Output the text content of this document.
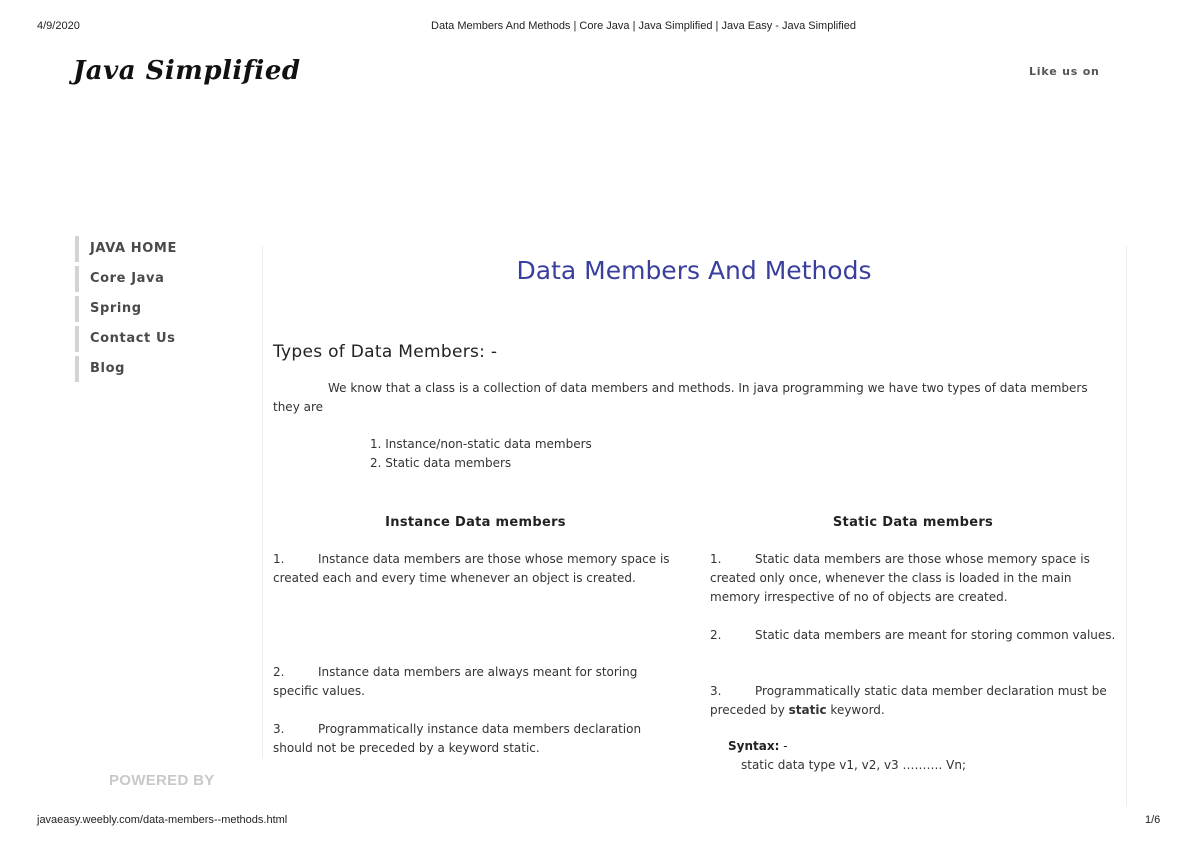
4/9/2020	Data Members And Methods | Core Java | Java Simplified | Java Easy - Java Simplified
Java Simplified	Like us on
JAVA HOME
Core Java
Spring
Contact Us
Blog
Data Members And Methods
Types of Data Members: -

We know that a class is a collection of data members and methods. In java programming we have two types of data members they are

1. Instance/non-static data members
2. Static data members
Instance Data members	Static Data members

1.	Instance data members are those whose memory space is created each and every time whenever an object is created.

2.	Instance data members are always meant for storing specific values.

3.	Programmatically instance data members declaration should not be preceded by a keyword static.

1.	Static data members are those whose memory space is created only once, whenever the class is loaded in the main memory irrespective of no of objects are created.

2.	Static data members are meant for storing common values.

3.	Programmatically static data member declaration must be preceded by static keyword.

Syntax: -
static data type v1, v2, v3 ………. Vn;
POWERED BY
javaeasy.weebly.com/data-members--methods.html	1/6
